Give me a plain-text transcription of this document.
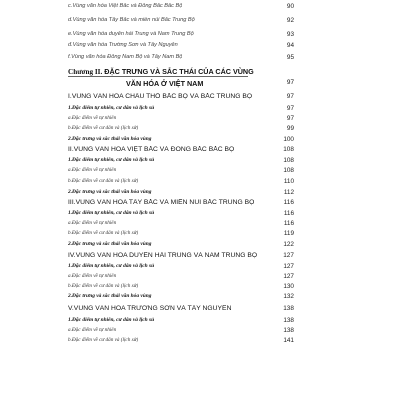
c.Vùng văn hóa Việt Bắc và Đông Bắc Bắc Bộ	90
d.Vùng văn hóa Tây Bắc và miền núi Bắc Trung Bộ	92
e.Vùng văn hóa duyên hải Trung và Nam Trung Bộ	93
đ.Vùng văn hóa Trường Sơn và Tây Nguyên	94
f.Vùng văn hóa Đông Nam Bộ và Tây Nam Bộ	95
Chương II. ĐẶC TRƯNG VÀ SẮC THÁI CỦA CÁC VÙNG
VĂN HÓA Ở VIỆT NAM	97
I.VÙNG VĂN HÓA CHÂU THỔ BẮC BỘ VÀ BẮC TRUNG BỘ	97
1.Đặc điểm tự nhiên, cư dân và lịch sử	97
a.Đặc điểm về tự nhiên	97
b.Đặc điểm về cư dân và (lịch sử)	99
2.Đặc trưng và sắc thái văn hóa vùng	100
II.VÙNG VĂN HÓA VIỆT BẮC VÀ ĐÔNG BẮC BẮC BỘ	108
1.Đặc điểm tự nhiên, cư dân và lịch sử	108
a.Đặc điểm về tự nhiên	108
b.Đặc điểm về cư dân và (lịch sử)	110
2.Đặc trưng và sắc thái văn hóa vùng	112
III.VÙNG VĂN HÓA TÂY BẮC VÀ MIỀN NÚI BẮC TRUNG BỘ	116
1.Đặc điểm tự nhiên, cư dân và lịch sử	116
a.Đặc điểm về tự nhiên	116
b.Đặc điểm về cư dân và (lịch sử)	119
2.Đặc trưng và sắc thái văn hóa vùng	122
IV.VÙNG VĂN HÓA DUYÊN HẢI TRUNG VÀ NAM TRUNG BỘ	127
1.Đặc điểm tự nhiên, cư dân và lịch sử	127
a.Đặc điểm về tự nhiên	127
b.Đặc điểm về cư dân và (lịch sử)	130
2.Đặc trưng và sắc thái văn hóa vùng	132
V.VÙNG VĂN HÓA TRƯỜNG SƠN VÀ TÂY NGUYÊN	138
1.Đặc điểm tự nhiên, cư dân và lịch sử	138
a.Đặc điểm về tự nhiên	138
b.Đặc điểm về cư dân và (lịch sử)	141
